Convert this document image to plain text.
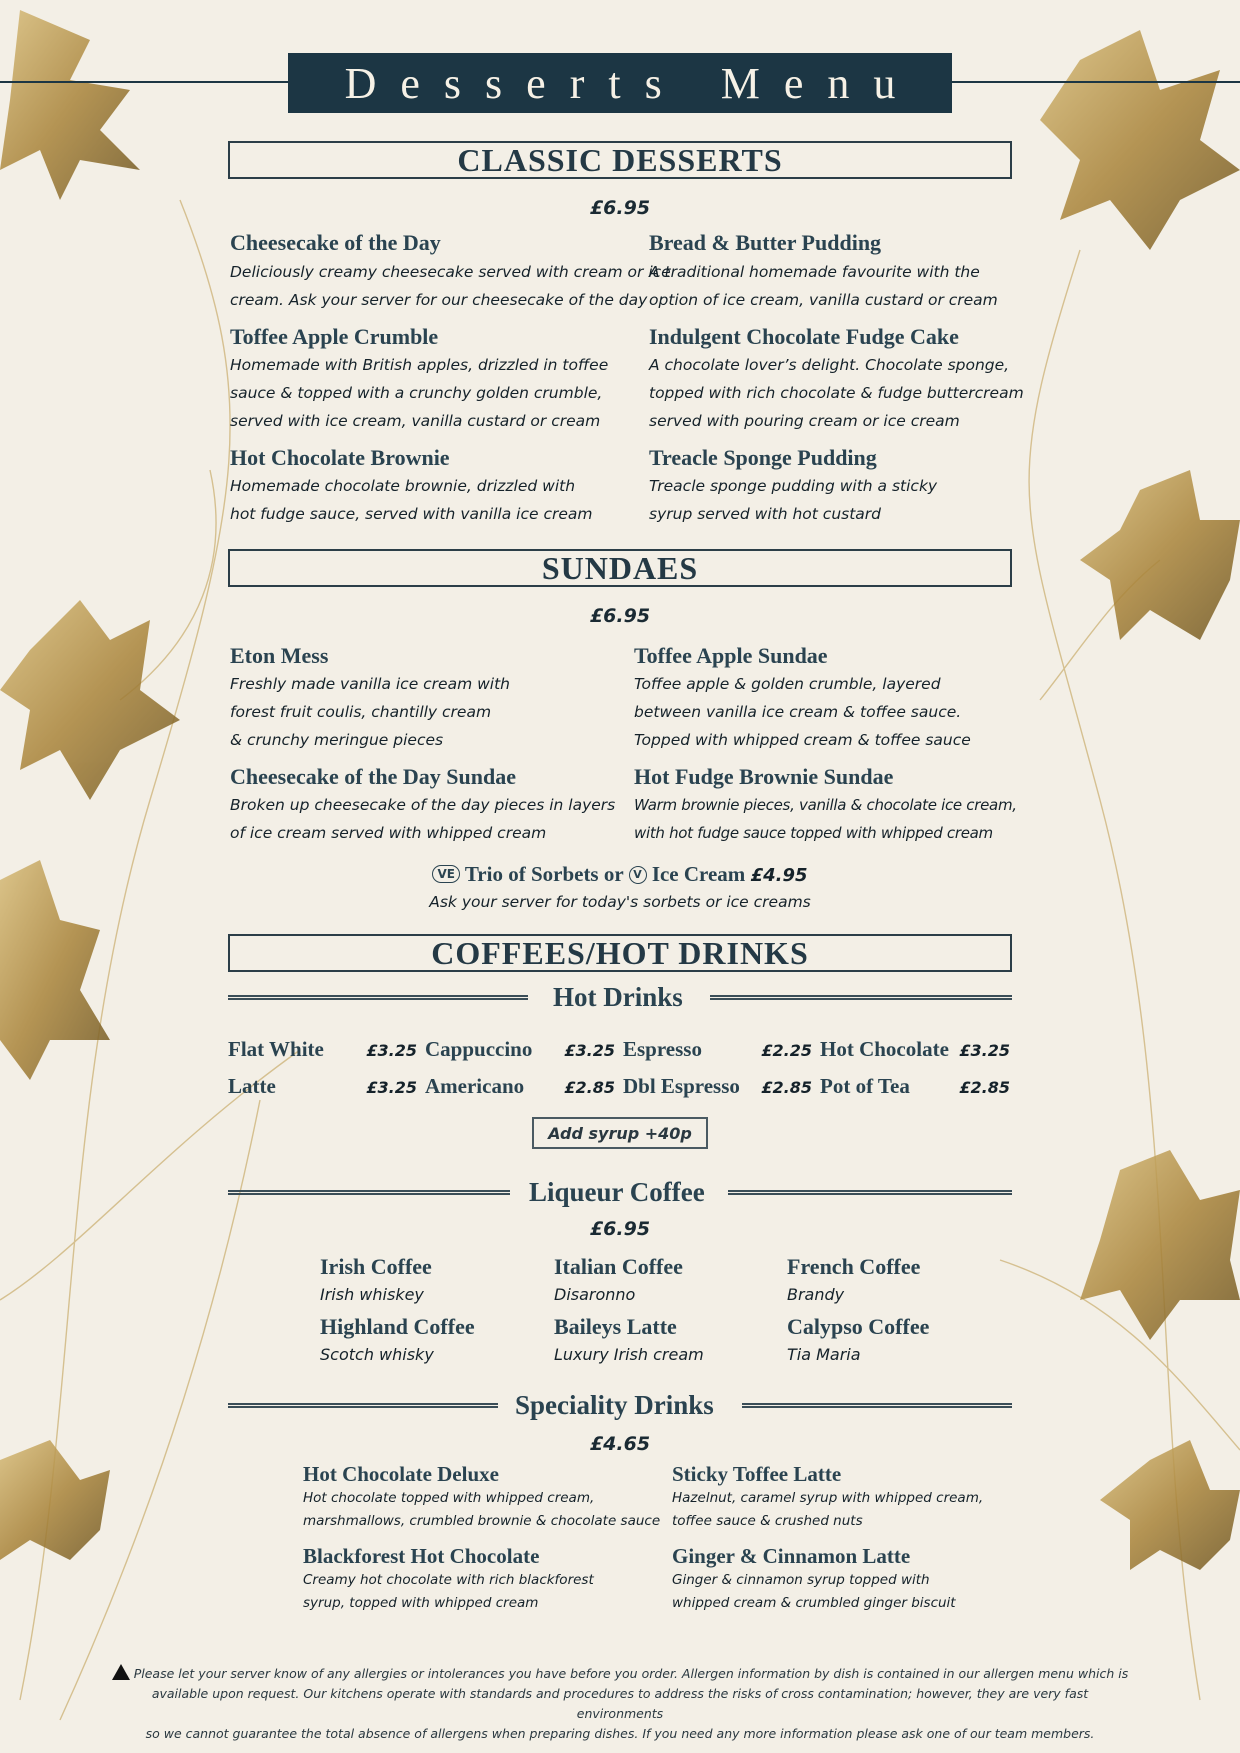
Desserts Menu
CLASSIC DESSERTS
£6.95
Cheesecake of the Day
Deliciously creamy cheesecake served with cream or ice
cream. Ask your server for our cheesecake of the day
Bread & Butter Pudding
A traditional homemade favourite with the
option of ice cream, vanilla custard or cream
Toffee Apple Crumble
Homemade with British apples, drizzled in toffee
sauce & topped with a crunchy golden crumble,
served with ice cream, vanilla custard or cream
Indulgent Chocolate Fudge Cake
A chocolate lover’s delight. Chocolate sponge,
topped with rich chocolate & fudge buttercream
served with pouring cream or ice cream
Hot Chocolate Brownie
Homemade chocolate brownie, drizzled with
hot fudge sauce, served with vanilla ice cream
Treacle Sponge Pudding
Treacle sponge pudding with a sticky
syrup served with hot custard
SUNDAES
£6.95
Eton Mess
Freshly made vanilla ice cream with
forest fruit coulis, chantilly cream
& crunchy meringue pieces
Toffee Apple Sundae
Toffee apple & golden crumble, layered
between vanilla ice cream & toffee sauce.
Topped with whipped cream & toffee sauce
Cheesecake of the Day Sundae
Broken up cheesecake of the day pieces in layers
of ice cream served with whipped cream
Hot Fudge Brownie Sundae
Warm brownie pieces, vanilla & chocolate ice cream,
with hot fudge sauce topped with whipped cream
VE Trio of Sorbets or V Ice Cream £4.95
Ask your server for today's sorbets or ice creams
COFFEES/HOT DRINKS
Hot Drinks
Flat White	£3.25 Cappuccino	£3.25 Espresso	£2.25 Hot Chocolate £3.25
Latte	£3.25 Americano	£2.85 Dbl Espresso	£2.85 Pot of Tea	£2.85
Add syrup +40p
Liqueur Coffee
£6.95
Irish Coffee
Irish whiskey
Italian Coffee
Disaronno
French Coffee
Brandy
Highland Coffee
Scotch whisky
Baileys Latte
Luxury Irish cream
Calypso Coffee
Tia Maria
Speciality Drinks
£4.65
Hot Chocolate Deluxe
Hot chocolate topped with whipped cream,
marshmallows, crumbled brownie & chocolate sauce
Sticky Toffee Latte
Hazelnut, caramel syrup with whipped cream,
toffee sauce & crushed nuts
Blackforest Hot Chocolate
Creamy hot chocolate with rich blackforest
syrup, topped with whipped cream
Ginger & Cinnamon Latte
Ginger & cinnamon syrup topped with
whipped cream & crumbled ginger biscuit
Please let your server know of any allergies or intolerances you have before you order. Allergen information by dish is contained in our allergen menu which is
available upon request. Our kitchens operate with standards and procedures to address the risks of cross contamination; however, they are very fast environments
so we cannot guarantee the total absence of allergens when preparing dishes. If you need any more information please ask one of our team members.
